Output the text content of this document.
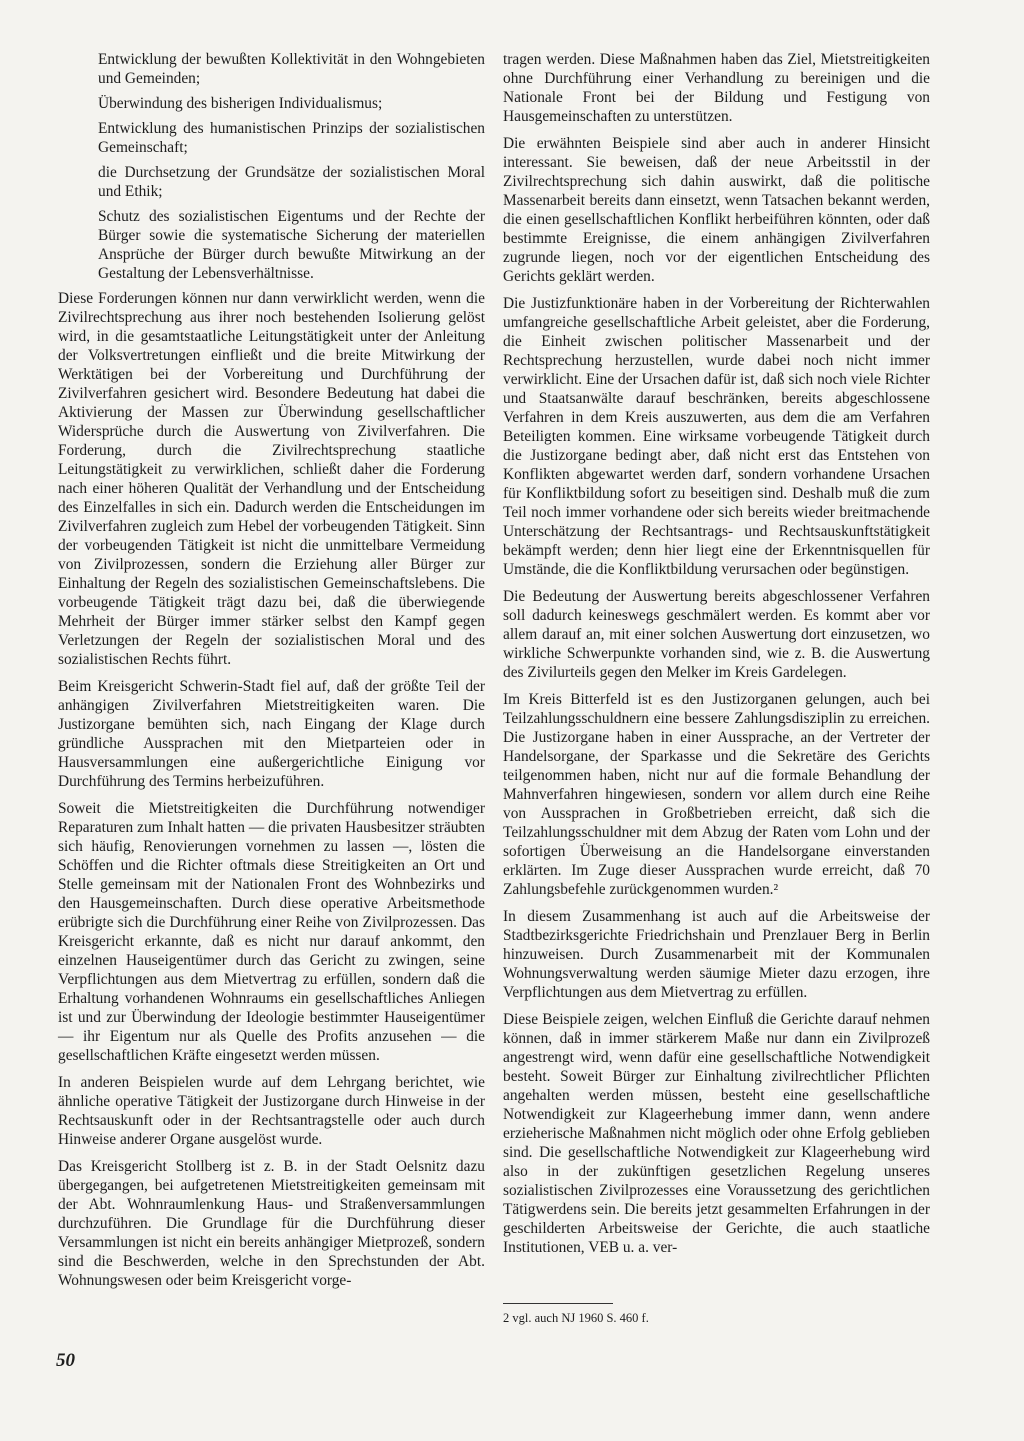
Entwicklung der bewußten Kollektivität in den Wohngebieten und Gemeinden;

Überwindung des bisherigen Individualismus;

Entwicklung des humanistischen Prinzips der sozialistischen Gemeinschaft;

die Durchsetzung der Grundsätze der sozialistischen Moral und Ethik;

Schutz des sozialistischen Eigentums und der Rechte der Bürger sowie die systematische Sicherung der materiellen Ansprüche der Bürger durch bewußte Mitwirkung an der Gestaltung der Lebensverhältnisse.

Diese Forderungen können nur dann verwirklicht werden, wenn die Zivilrechtsprechung aus ihrer noch bestehenden Isolierung gelöst wird, in die gesamtstaatliche Leitungstätigkeit unter der Anleitung der Volksvertretungen einfließt und die breite Mitwirkung der Werktätigen bei der Vorbereitung und Durchführung der Zivilverfahren gesichert wird. Besondere Bedeutung hat dabei die Aktivierung der Massen zur Überwindung gesellschaftlicher Widersprüche durch die Auswertung von Zivilverfahren. Die Forderung, durch die Zivilrechtsprechung staatliche Leitungstätigkeit zu verwirklichen, schließt daher die Forderung nach einer höheren Qualität der Verhandlung und der Entscheidung des Einzelfalles in sich ein. Dadurch werden die Entscheidungen im Zivilverfahren zugleich zum Hebel der vorbeugenden Tätigkeit. Sinn der vorbeugenden Tätigkeit ist nicht die unmittelbare Vermeidung von Zivilprozessen, sondern die Erziehung aller Bürger zur Einhaltung der Regeln des sozialistischen Gemeinschaftslebens. Die vorbeugende Tätigkeit trägt dazu bei, daß die überwiegende Mehrheit der Bürger immer stärker selbst den Kampf gegen Verletzungen der Regeln der sozialistischen Moral und des sozialistischen Rechts führt.

Beim Kreisgericht Schwerin-Stadt fiel auf, daß der größte Teil der anhängigen Zivilverfahren Mietstreitigkeiten waren. Die Justizorgane bemühten sich, nach Eingang der Klage durch gründliche Aussprachen mit den Mietparteien oder in Hausversammlungen eine außergerichtliche Einigung vor Durchführung des Termins herbeizuführen.

Soweit die Mietstreitigkeiten die Durchführung notwendiger Reparaturen zum Inhalt hatten — die privaten Hausbesitzer sträubten sich häufig, Renovierungen vornehmen zu lassen —, lösten die Schöffen und die Richter oftmals diese Streitigkeiten an Ort und Stelle gemeinsam mit der Nationalen Front des Wohnbezirks und den Hausgemeinschaften. Durch diese operative Arbeitsmethode erübrigte sich die Durchführung einer Reihe von Zivilprozessen. Das Kreisgericht erkannte, daß es nicht nur darauf ankommt, den einzelnen Hauseigentümer durch das Gericht zu zwingen, seine Verpflichtungen aus dem Mietvertrag zu erfüllen, sondern daß die Erhaltung vorhandenen Wohnraums ein gesellschaftliches Anliegen ist und zur Überwindung der Ideologie bestimmter Hauseigentümer — ihr Eigentum nur als Quelle des Profits anzusehen — die gesellschaftlichen Kräfte eingesetzt werden müssen.

In anderen Beispielen wurde auf dem Lehrgang berichtet, wie ähnliche operative Tätigkeit der Justizorgane durch Hinweise in der Rechtsauskunft oder in der Rechtsantragstelle oder auch durch Hinweise anderer Organe ausgelöst wurde.

Das Kreisgericht Stollberg ist z. B. in der Stadt Oelsnitz dazu übergegangen, bei aufgetretenen Mietstreitigkeiten gemeinsam mit der Abt. Wohnraumlenkung Haus- und Straßenversammlungen durchzuführen. Die Grundlage für die Durchführung dieser Versammlungen ist nicht ein bereits anhängiger Mietprozeß, sondern sind die Beschwerden, welche in den Sprechstunden der Abt. Wohnungswesen oder beim Kreisgericht vorge-

tragen werden. Diese Maßnahmen haben das Ziel, Mietstreitigkeiten ohne Durchführung einer Verhandlung zu bereinigen und die Nationale Front bei der Bildung und Festigung von Hausgemeinschaften zu unterstützen.

Die erwähnten Beispiele sind aber auch in anderer Hinsicht interessant. Sie beweisen, daß der neue Arbeitsstil in der Zivilrechtsprechung sich dahin auswirkt, daß die politische Massenarbeit bereits dann einsetzt, wenn Tatsachen bekannt werden, die einen gesellschaftlichen Konflikt herbeiführen könnten, oder daß bestimmte Ereignisse, die einem anhängigen Zivilverfahren zugrunde liegen, noch vor der eigentlichen Entscheidung des Gerichts geklärt werden.

Die Justizfunktionäre haben in der Vorbereitung der Richterwahlen umfangreiche gesellschaftliche Arbeit geleistet, aber die Forderung, die Einheit zwischen politischer Massenarbeit und der Rechtsprechung herzustellen, wurde dabei noch nicht immer verwirklicht. Eine der Ursachen dafür ist, daß sich noch viele Richter und Staatsanwälte darauf beschränken, bereits abgeschlossene Verfahren in dem Kreis auszuwerten, aus dem die am Verfahren Beteiligten kommen. Eine wirksame vorbeugende Tätigkeit durch die Justizorgane bedingt aber, daß nicht erst das Entstehen von Konflikten abgewartet werden darf, sondern vorhandene Ursachen für Konfliktbildung sofort zu beseitigen sind. Deshalb muß die zum Teil noch immer vorhandene oder sich bereits wieder breitmachende Unterschätzung der Rechtsantrags- und Rechtsauskunftstätigkeit bekämpft werden; denn hier liegt eine der Erkenntnisquellen für Umstände, die die Konfliktbildung verursachen oder begünstigen.

Die Bedeutung der Auswertung bereits abgeschlossener Verfahren soll dadurch keineswegs geschmälert werden. Es kommt aber vor allem darauf an, mit einer solchen Auswertung dort einzusetzen, wo wirkliche Schwerpunkte vorhanden sind, wie z. B. die Auswertung des Zivilurteils gegen den Melker im Kreis Gardelegen.

Im Kreis Bitterfeld ist es den Justizorganen gelungen, auch bei Teilzahlungsschuldnern eine bessere Zahlungsdisziplin zu erreichen. Die Justizorgane haben in einer Aussprache, an der Vertreter der Handelsorgane, der Sparkasse und die Sekretäre des Gerichts teilgenommen haben, nicht nur auf die formale Behandlung der Mahnverfahren hingewiesen, sondern vor allem durch eine Reihe von Aussprachen in Großbetrieben erreicht, daß sich die Teilzahlungsschuldner mit dem Abzug der Raten vom Lohn und der sofortigen Überweisung an die Handelsorgane einverstanden erklärten. Im Zuge dieser Aussprachen wurde erreicht, daß 70 Zahlungsbefehle zurückgenommen wurden.²

In diesem Zusammenhang ist auch auf die Arbeitsweise der Stadtbezirksgerichte Friedrichshain und Prenzlauer Berg in Berlin hinzuweisen. Durch Zusammenarbeit mit der Kommunalen Wohnungsverwaltung werden säumige Mieter dazu erzogen, ihre Verpflichtungen aus dem Mietvertrag zu erfüllen.

Diese Beispiele zeigen, welchen Einfluß die Gerichte darauf nehmen können, daß in immer stärkerem Maße nur dann ein Zivilprozeß angestrengt wird, wenn dafür eine gesellschaftliche Notwendigkeit besteht. Soweit Bürger zur Einhaltung zivilrechtlicher Pflichten angehalten werden müssen, besteht eine gesellschaftliche Notwendigkeit zur Klageerhebung immer dann, wenn andere erzieherische Maßnahmen nicht möglich oder ohne Erfolg geblieben sind. Die gesellschaftliche Notwendigkeit zur Klageerhebung wird also in der zukünftigen gesetzlichen Regelung unseres sozialistischen Zivilprozesses eine Voraussetzung des gerichtlichen Tätigwerdens sein. Die bereits jetzt gesammelten Erfahrungen in der geschilderten Arbeitsweise der Gerichte, die auch staatliche Institutionen, VEB u. a. ver-

2 vgl. auch NJ 1960 S. 460 f.
50
